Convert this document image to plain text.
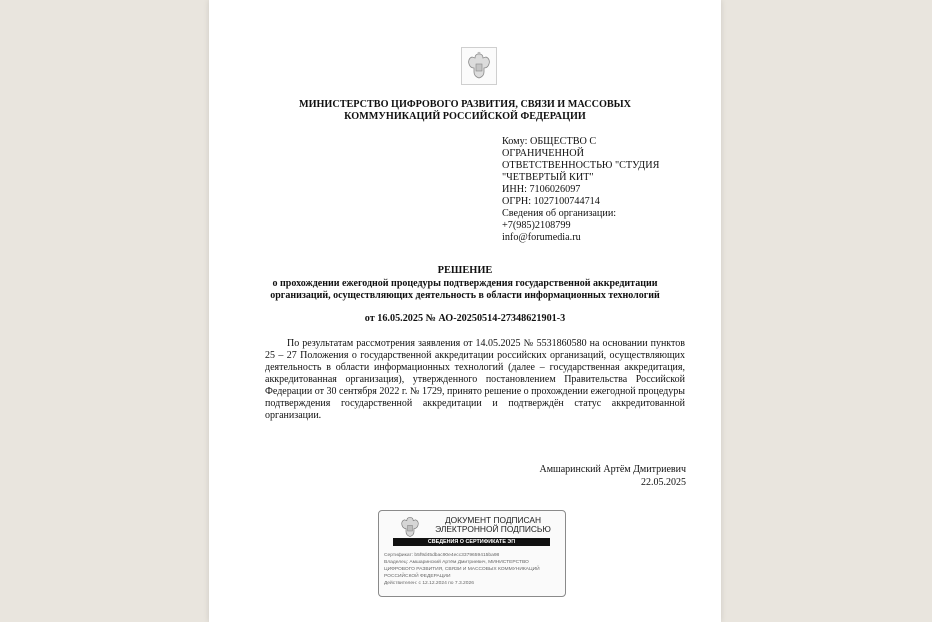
МИНИСТЕРСТВО ЦИФРОВОГО РАЗВИТИЯ, СВЯЗИ И МАССОВЫХ
КОММУНИКАЦИЙ РОССИЙСКОЙ ФЕДЕРАЦИИ
Кому: ОБЩЕСТВО С
ОГРАНИЧЕННОЙ
ОТВЕТСТВЕННОСТЬЮ "СТУДИЯ
"ЧЕТВЕРТЫЙ КИТ"
ИНН: 7106026097
ОГРН: 1027100744714
Сведения об организации:
+7(985)2108799
info@forumedia.ru
РЕШЕНИЕ
о прохождении ежегодной процедуры подтверждения государственной аккредитации
организаций, осуществляющих деятельность в области информационных технологий
от 16.05.2025 № АО-20250514-27348621901-3
По результатам рассмотрения заявления от 14.05.2025 № 5531860580 на основании пунктов 25 – 27 Положения о государственной аккредитации российских организаций, осуществляющих деятельность в области информационных технологий (далее – государственная аккредитация, аккредитованная организация), утвержденного постановлением Правительства Российской Федерации от 30 сентября 2022 г. № 1729, принято решение о прохождении ежегодной процедуры подтверждения государственной аккредитации и подтверждён статус аккредитованной организации.
Амшаринский Артём Дмитриевич
22.05.2025
ДОКУМЕНТ ПОДПИСАН
ЭЛЕКТРОННОЙ ПОДПИСЬЮ
СВЕДЕНИЯ О СЕРТИФИКАТЕ ЭП
Сертификат: b5f9d45dbac90e4ecc3379659415ba98
Владелец: Амшаринский Артём Дмитриевич, МИНИСТЕРСТВО
ЦИФРОВОГО РАЗВИТИЯ, СВЯЗИ И МАССОВЫХ КОММУНИКАЦИЙ
РОССИЙСКОЙ ФЕДЕРАЦИИ
Действителен: с 12.12.2024 по 7.3.2026
